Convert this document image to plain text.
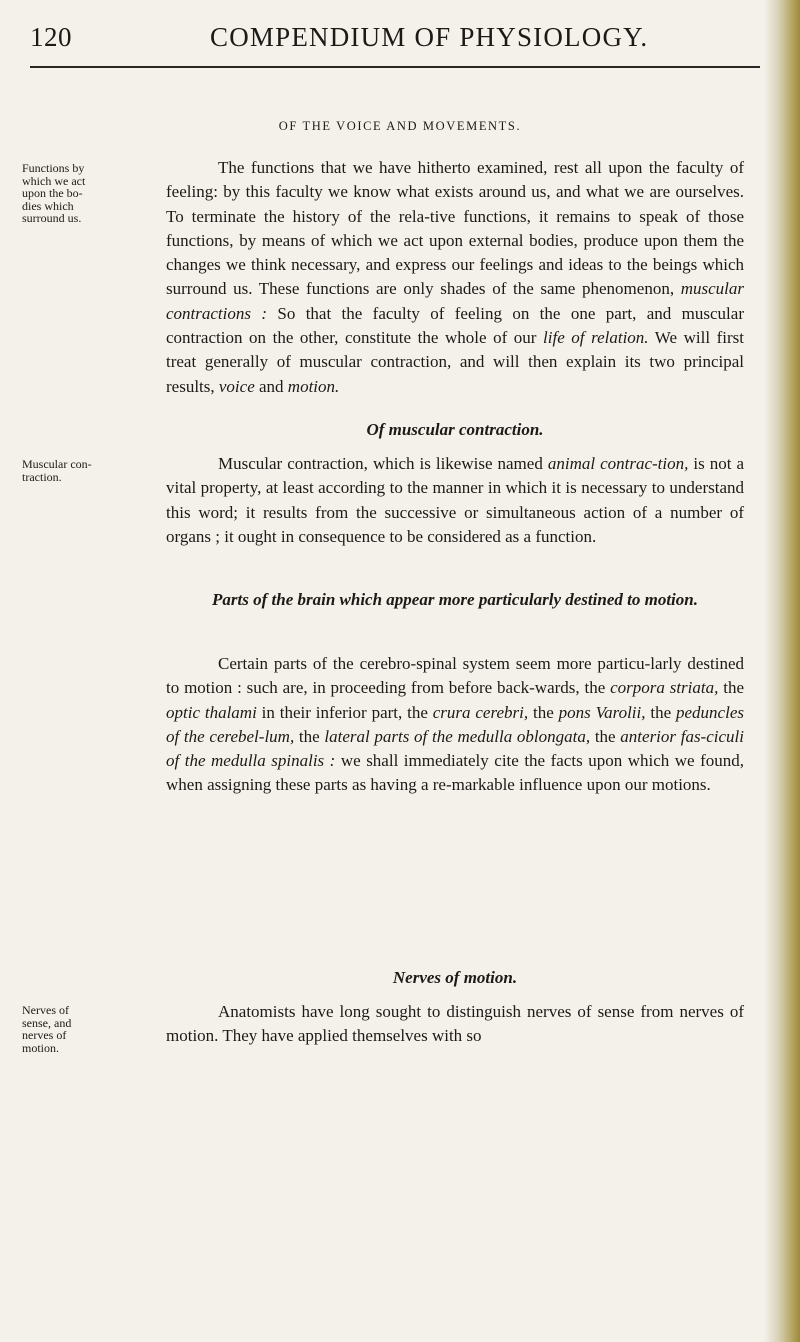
120	COMPENDIUM OF PHYSIOLOGY.
OF THE VOICE AND MOVEMENTS.
Functions by which we act upon the bo-dies which surround us.

The functions that we have hitherto examined, rest all upon the faculty of feeling: by this faculty we know what exists around us, and what we are ourselves. To terminate the history of the rela-tive functions, it remains to speak of those functions, by means of which we act upon external bodies, produce upon them the changes we think necessary, and express our feelings and ideas to the beings which surround us. These functions are only shades of the same phenomenon, muscular contractions : So that the faculty of feeling on the one part, and muscular contraction on the other, constitute the whole of our life of relation. We will first treat generally of muscular contraction, and will then explain its two principal results, voice and motion.

Of muscular contraction.
Muscular con-traction.

Muscular contraction, which is likewise named animal contrac-tion, is not a vital property, at least according to the manner in which it is necessary to understand this word; it results from the successive or simultaneous action of a number of organs ; it ought in consequence to be considered as a function.

Parts of the brain which appear more particularly destined to motion.

Certain parts of the cerebro-spinal system seem more particu-larly destined to motion : such are, in proceeding from before back-wards, the corpora striata, the optic thalami in their inferior part, the crura cerebri, the pons Varolii, the peduncles of the cerebel-lum, the lateral parts of the medulla oblongata, the anterior fas-ciculi of the medulla spinalis : we shall immediately cite the facts upon which we found, when assigning these parts as having a re-markable influence upon our motions.

Nerves of motion.
Nerves of sense, and nerves of motion.

Anatomists have long sought to distinguish nerves of sense from nerves of motion. They have applied themselves with so
